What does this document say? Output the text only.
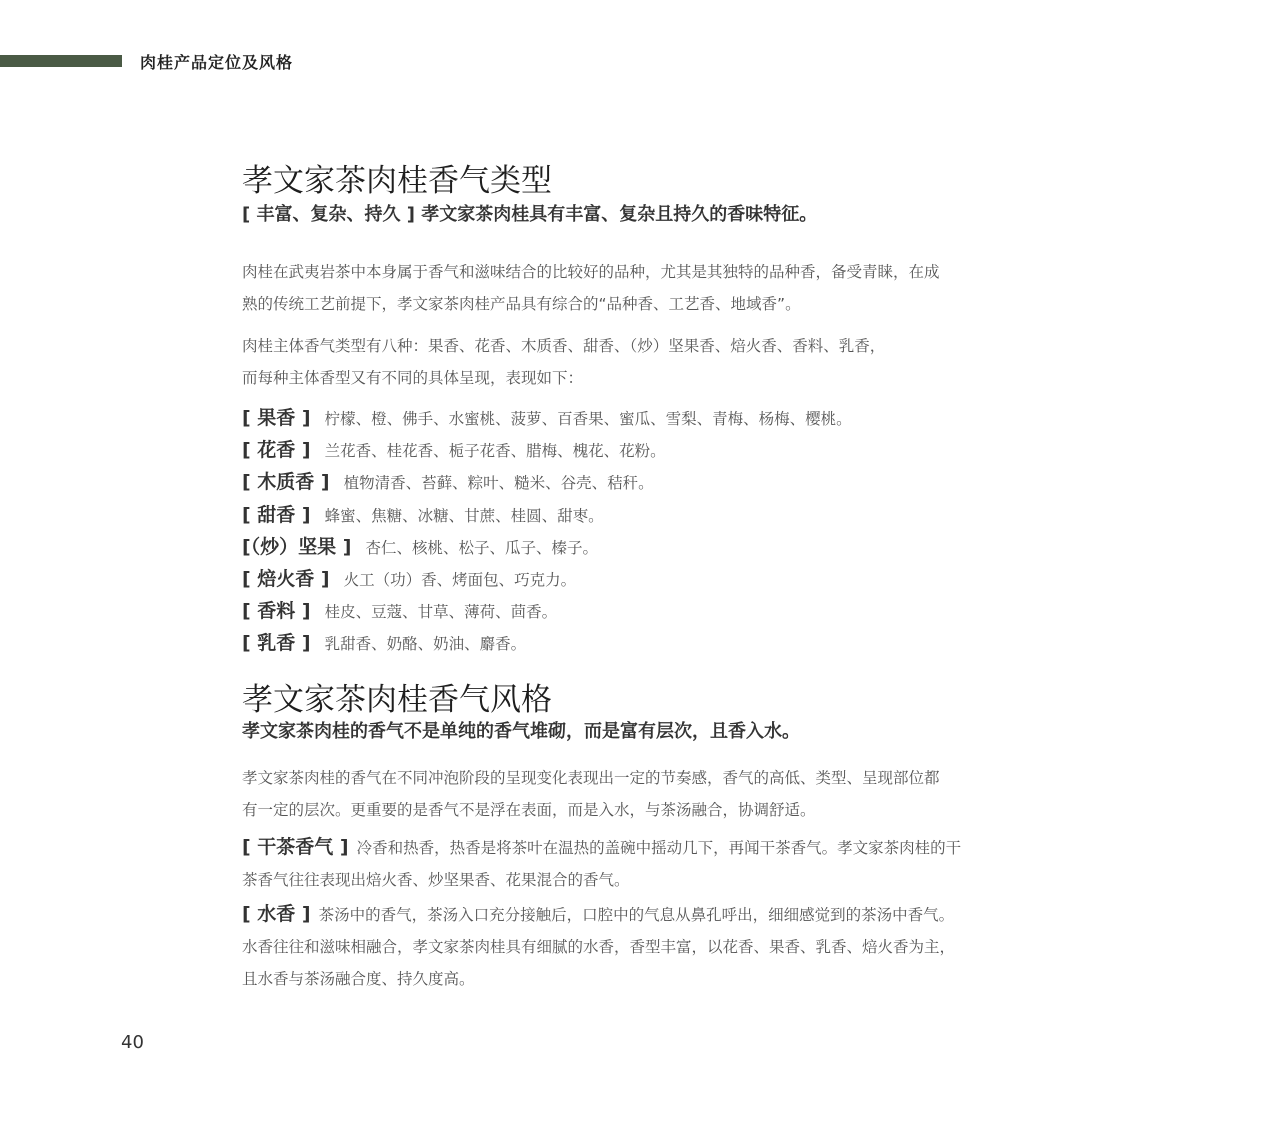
肉桂产品定位及风格
孝文家茶肉桂香气类型

[ 丰富、复杂、持久 ] 孝文家茶肉桂具有丰富、复杂且持久的香味特征。

肉桂在武夷岩茶中本身属于香气和滋味结合的比较好的品种，尤其是其独特的品种香，备受青睐，在成

熟的传统工艺前提下，孝文家茶肉桂产品具有综合的“品种香、工艺香、地域香”。

肉桂主体香气类型有八种：果香、花香、木质香、甜香、（炒）坚果香、焙火香、香料、乳香，

而每种主体香型又有不同的具体呈现，表现如下：

[ 果香 ] 柠檬、橙、佛手、水蜜桃、菠萝、百香果、蜜瓜、雪梨、青梅、杨梅、樱桃。
[ 花香 ] 兰花香、桂花香、栀子花香、腊梅、槐花、花粉。
[ 木质香 ] 植物清香、苔藓、粽叶、糙米、谷壳、秸秆。
[ 甜香 ] 蜂蜜、焦糖、冰糖、甘蔗、桂圆、甜枣。
[（炒）坚果 ] 杏仁、核桃、松子、瓜子、榛子。
[ 焙火香 ] 火工（功）香、烤面包、巧克力。
[ 香料 ] 桂皮、豆蔻、甘草、薄荷、茴香。
[ 乳香 ] 乳甜香、奶酪、奶油、麝香。
孝文家茶肉桂香气风格

孝文家茶肉桂的香气不是单纯的香气堆砌，而是富有层次，且香入水。

孝文家茶肉桂的香气在不同冲泡阶段的呈现变化表现出一定的节奏感，香气的高低、类型、呈现部位都

有一定的层次。更重要的是香气不是浮在表面，而是入水，与茶汤融合，协调舒适。

[ 干茶香气 ] 冷香和热香，热香是将茶叶在温热的盖碗中摇动几下，再闻干茶香气。孝文家茶肉桂的干

茶香气往往表现出焙火香、炒坚果香、花果混合的香气。

[ 水香 ] 茶汤中的香气，茶汤入口充分接触后，口腔中的气息从鼻孔呼出，细细感觉到的茶汤中香气。

水香往往和滋味相融合，孝文家茶肉桂具有细腻的水香，香型丰富，以花香、果香、乳香、焙火香为主，

且水香与茶汤融合度、持久度高。

40
